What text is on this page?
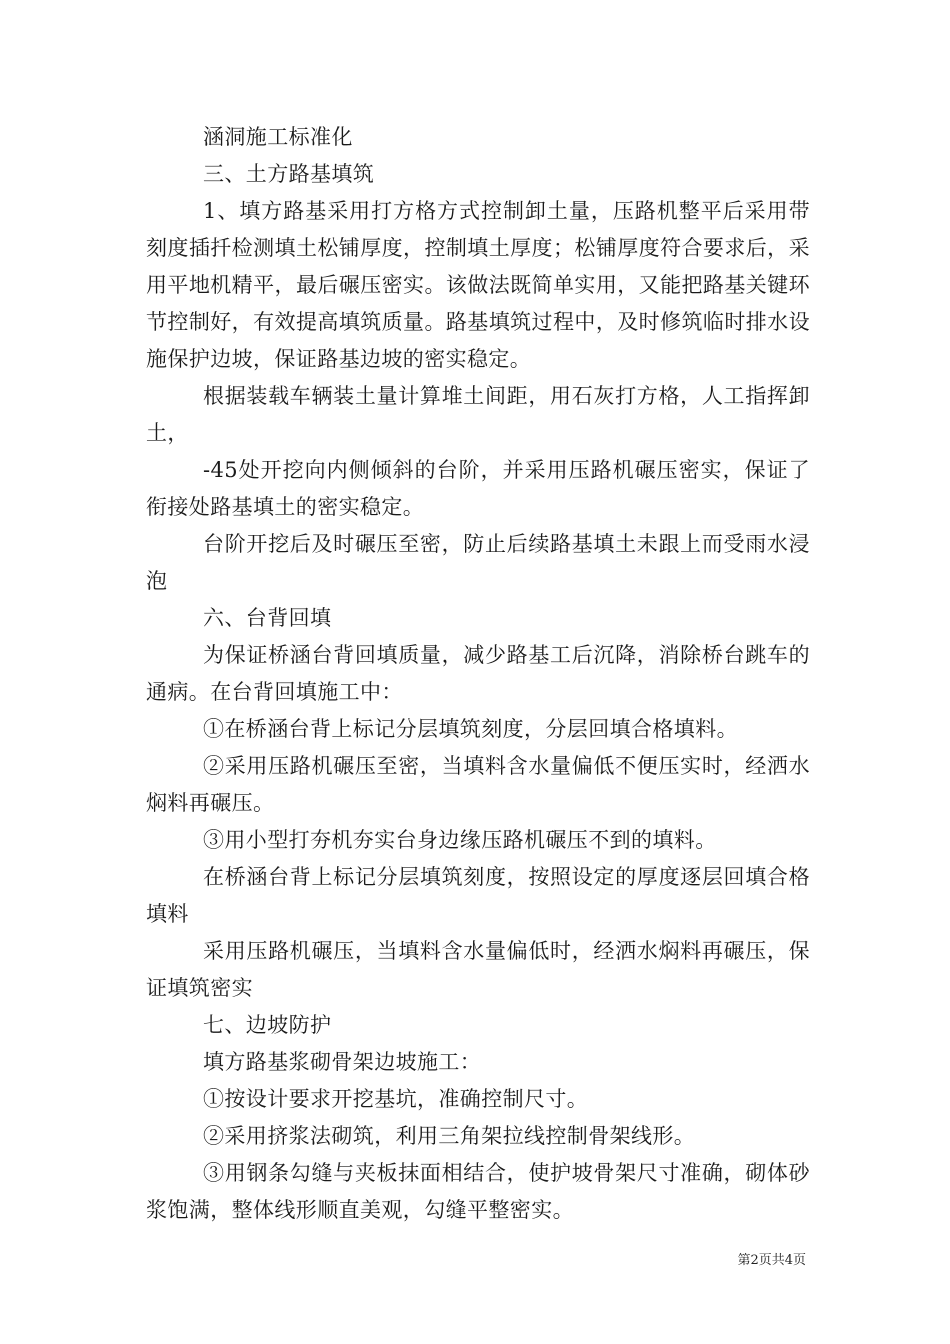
涵洞施工标准化

三、土方路基填筑

1、填方路基采用打方格方式控制卸土量，压路机整平后采用带刻度插扦检测填土松铺厚度，控制填土厚度；松铺厚度符合要求后，采用平地机精平，最后碾压密实。该做法既简单实用，又能把路基关键环节控制好，有效提高填筑质量。路基填筑过程中，及时修筑临时排水设施保护边坡，保证路基边坡的密实稳定。

根据装载车辆装土量计算堆土间距，用石灰打方格，人工指挥卸土，

-45处开挖向内侧倾斜的台阶，并采用压路机碾压密实，保证了衔接处路基填土的密实稳定。

台阶开挖后及时碾压至密，防止后续路基填土未跟上而受雨水浸泡

六、台背回填

为保证桥涵台背回填质量，减少路基工后沉降，消除桥台跳车的通病。在台背回填施工中：

①在桥涵台背上标记分层填筑刻度，分层回填合格填料。

②采用压路机碾压至密，当填料含水量偏低不便压实时，经洒水焖料再碾压。

③用小型打夯机夯实台身边缘压路机碾压不到的填料。

在桥涵台背上标记分层填筑刻度，按照设定的厚度逐层回填合格填料

采用压路机碾压，当填料含水量偏低时，经洒水焖料再碾压，保证填筑密实

七、边坡防护

填方路基浆砌骨架边坡施工：

①按设计要求开挖基坑，准确控制尺寸。

②采用挤浆法砌筑，利用三角架拉线控制骨架线形。

③用钢条勾缝与夹板抹面相结合，使护坡骨架尺寸准确，砌体砂浆饱满，整体线形顺直美观，勾缝平整密实。

第2页共4页
